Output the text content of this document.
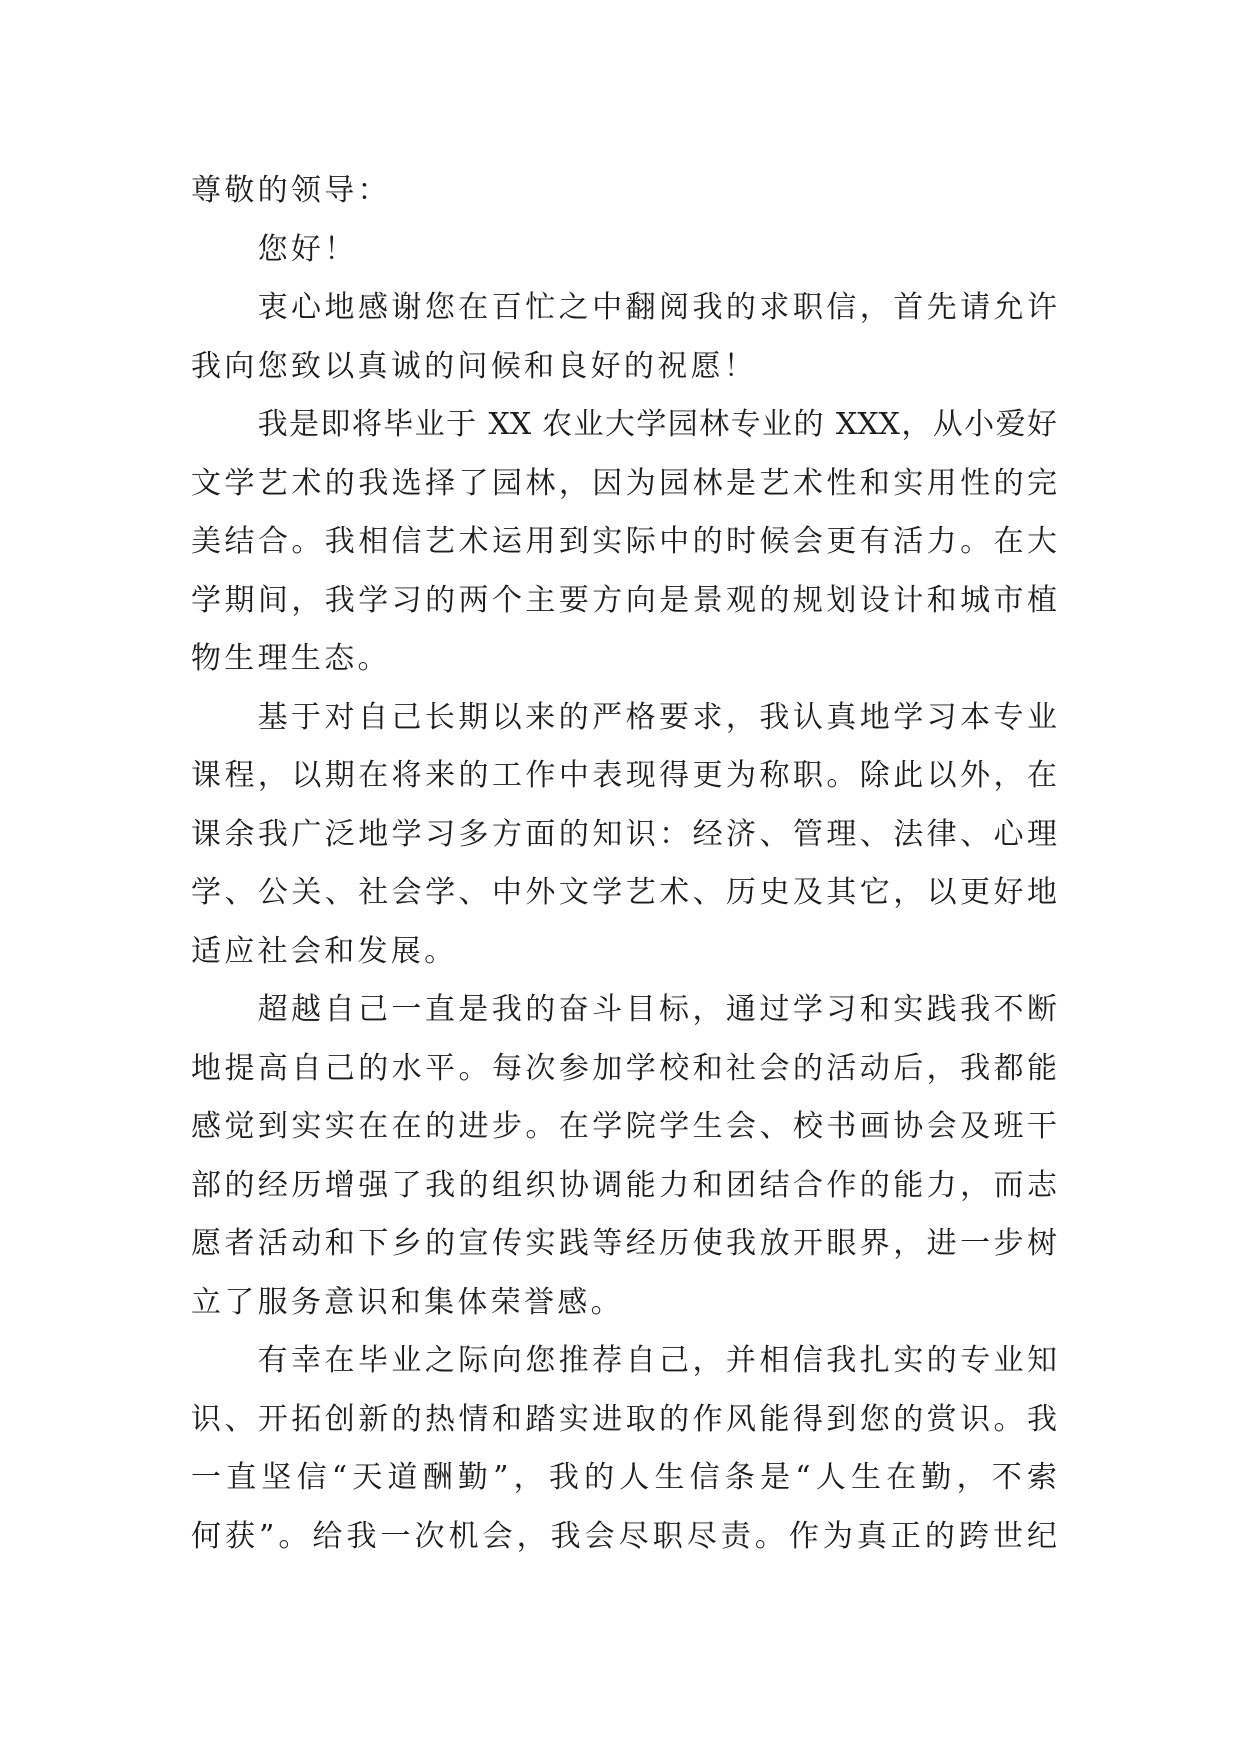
尊敬的领导：
您好！
衷心地感谢您在百忙之中翻阅我的求职信，首先请允许
我向您致以真诚的问候和良好的祝愿！
我是即将毕业于 XX 农业大学园林专业的 XXX，从小爱好
文学艺术的我选择了园林，因为园林是艺术性和实用性的完
美结合。我相信艺术运用到实际中的时候会更有活力。在大
学期间，我学习的两个主要方向是景观的规划设计和城市植
物生理生态。
基于对自己长期以来的严格要求，我认真地学习本专业
课程，以期在将来的工作中表现得更为称职。除此以外，在
课余我广泛地学习多方面的知识：经济、管理、法律、心理
学、公关、社会学、中外文学艺术、历史及其它，以更好地
适应社会和发展。
超越自己一直是我的奋斗目标，通过学习和实践我不断
地提高自己的水平。每次参加学校和社会的活动后，我都能
感觉到实实在在的进步。在学院学生会、校书画协会及班干
部的经历增强了我的组织协调能力和团结合作的能力，而志
愿者活动和下乡的宣传实践等经历使我放开眼界，进一步树
立了服务意识和集体荣誉感。
有幸在毕业之际向您推荐自己，并相信我扎实的专业知
识、开拓创新的热情和踏实进取的作风能得到您的赏识。我
一直坚信“天道酬勤”，我的人生信条是“人生在勤，不索
何获”。给我一次机会，我会尽职尽责。作为真正的跨世纪
